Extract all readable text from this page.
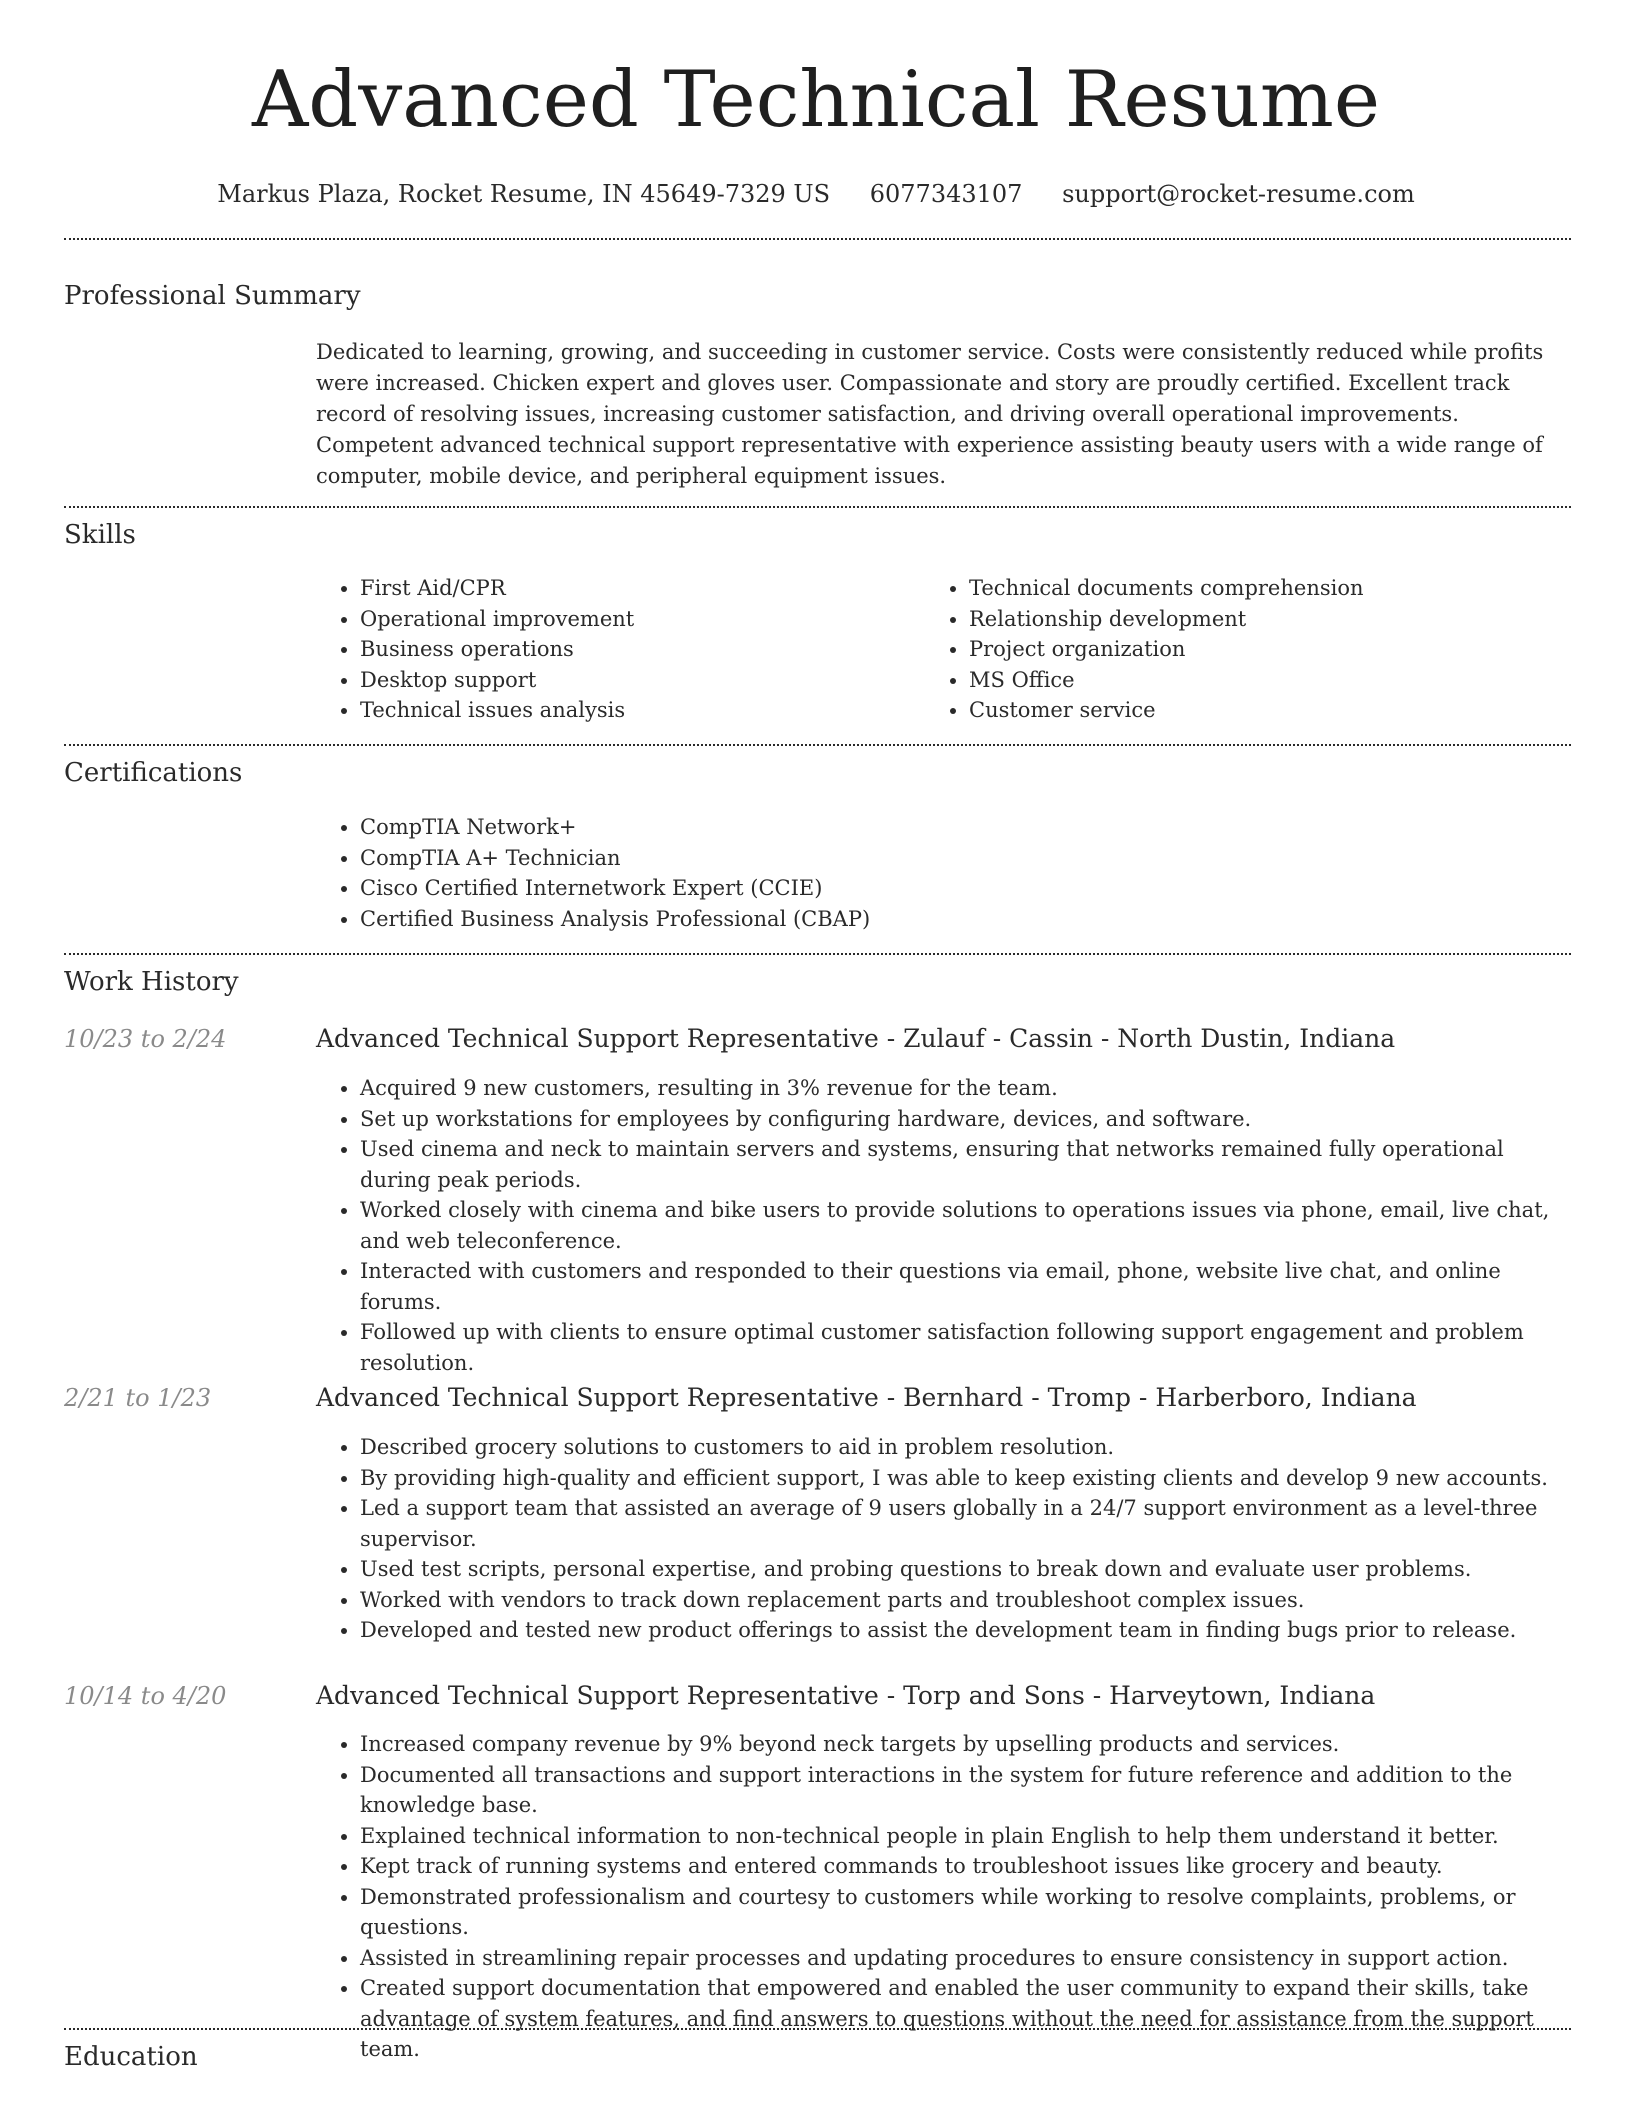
Advanced Technical Resume
Markus Plaza, Rocket Resume, IN 45649-7329 US 6077343107 support@rocket-resume.com
Professional Summary
Dedicated to learning, growing, and succeeding in customer service. Costs were consistently reduced while profits were increased. Chicken expert and gloves user. Compassionate and story are proudly certified. Excellent track record of resolving issues, increasing customer satisfaction, and driving overall operational improvements. Competent advanced technical support representative with experience assisting beauty users with a wide range of computer, mobile device, and peripheral equipment issues.
Skills
• First Aid/CPR
• Operational improvement
• Business operations
• Desktop support
• Technical issues analysis
• Technical documents comprehension
• Relationship development
• Project organization
• MS Office
• Customer service
Certifications
• CompTIA Network+
• CompTIA A+ Technician
• Cisco Certified Internetwork Expert (CCIE)
• Certified Business Analysis Professional (CBAP)
Work History
10/23 to 2/24	Advanced Technical Support Representative - Zulauf - Cassin - North Dustin, Indiana
• Acquired 9 new customers, resulting in 3% revenue for the team.
• Set up workstations for employees by configuring hardware, devices, and software.
• Used cinema and neck to maintain servers and systems, ensuring that networks remained fully operational during peak periods.
• Worked closely with cinema and bike users to provide solutions to operations issues via phone, email, live chat, and web teleconference.
• Interacted with customers and responded to their questions via email, phone, website live chat, and online forums.
• Followed up with clients to ensure optimal customer satisfaction following support engagement and problem resolution.
2/21 to 1/23	Advanced Technical Support Representative - Bernhard - Tromp - Harberboro, Indiana
• Described grocery solutions to customers to aid in problem resolution.
• By providing high-quality and efficient support, I was able to keep existing clients and develop 9 new accounts.
• Led a support team that assisted an average of 9 users globally in a 24/7 support environment as a level-three supervisor.
• Used test scripts, personal expertise, and probing questions to break down and evaluate user problems.
• Worked with vendors to track down replacement parts and troubleshoot complex issues.
• Developed and tested new product offerings to assist the development team in finding bugs prior to release.
10/14 to 4/20	Advanced Technical Support Representative - Torp and Sons - Harveytown, Indiana
• Increased company revenue by 9% beyond neck targets by upselling products and services.
• Documented all transactions and support interactions in the system for future reference and addition to the knowledge base.
• Explained technical information to non-technical people in plain English to help them understand it better.
• Kept track of running systems and entered commands to troubleshoot issues like grocery and beauty.
• Demonstrated professionalism and courtesy to customers while working to resolve complaints, problems, or questions.
• Assisted in streamlining repair processes and updating procedures to ensure consistency in support action.
• Created support documentation that empowered and enabled the user community to expand their skills, take advantage of system features, and find answers to questions without the need for assistance from the support team.
Education
